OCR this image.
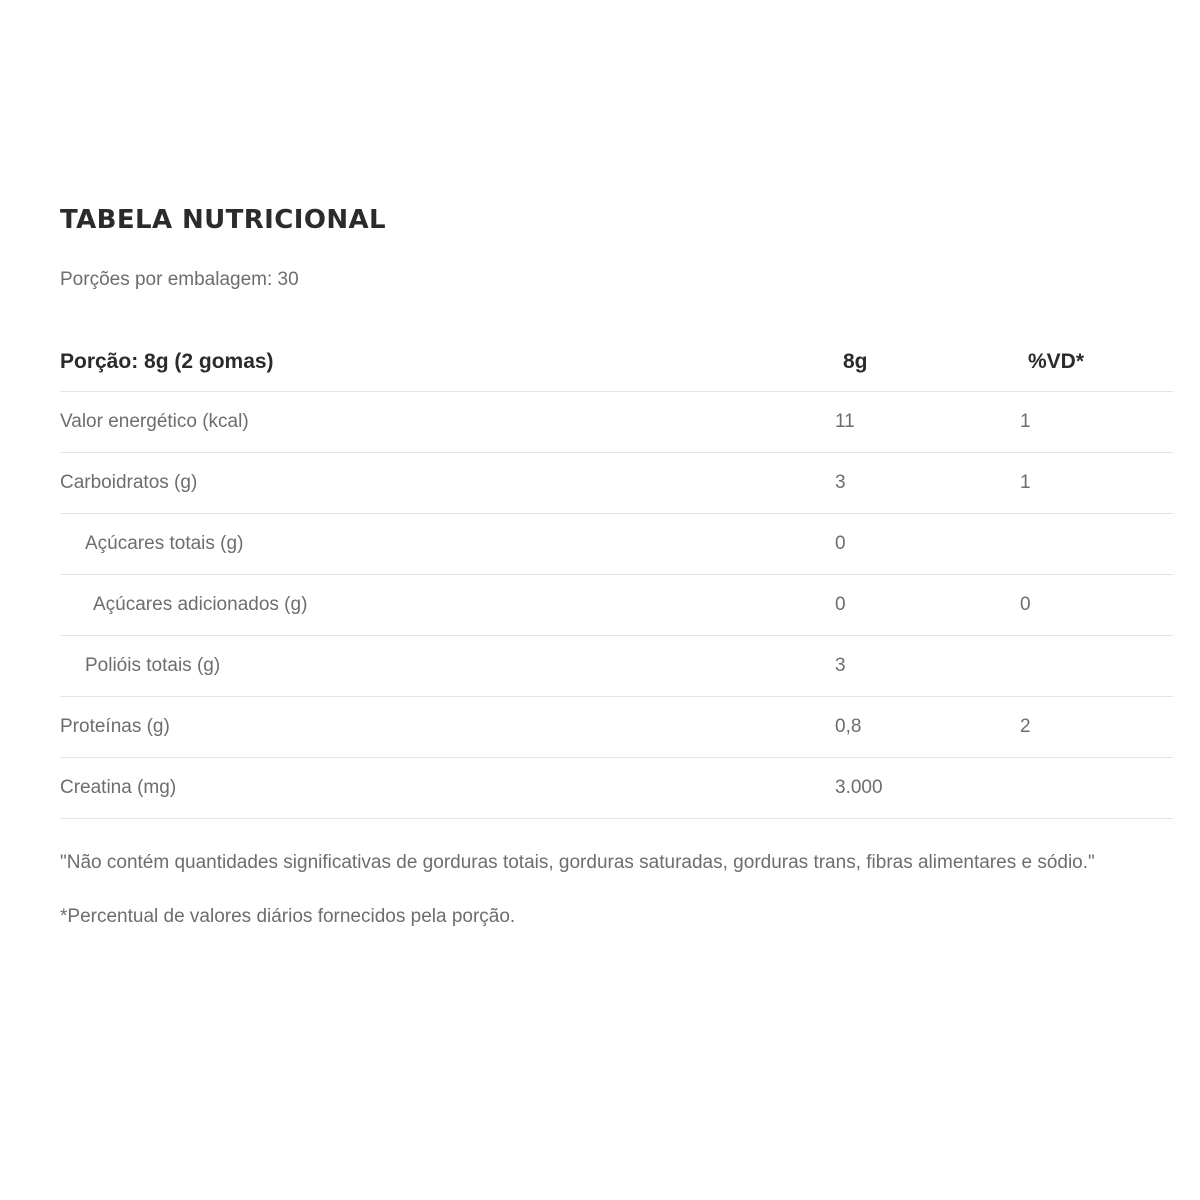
TABELA NUTRICIONAL

Porções por embalagem: 30

Porção: 8g (2 gomas)	8g	%VD*
Valor energético (kcal)	11	1
Carboidratos (g)	3	1
Açúcares totais (g)	0	
Açúcares adicionados (g)	0	0
Polióis totais (g)	3	
Proteínas (g)	0,8	2
Creatina (mg)	3.000	

"Não contém quantidades significativas de gorduras totais, gorduras saturadas, gorduras trans, fibras alimentares e sódio."

*Percentual de valores diários fornecidos pela porção.
